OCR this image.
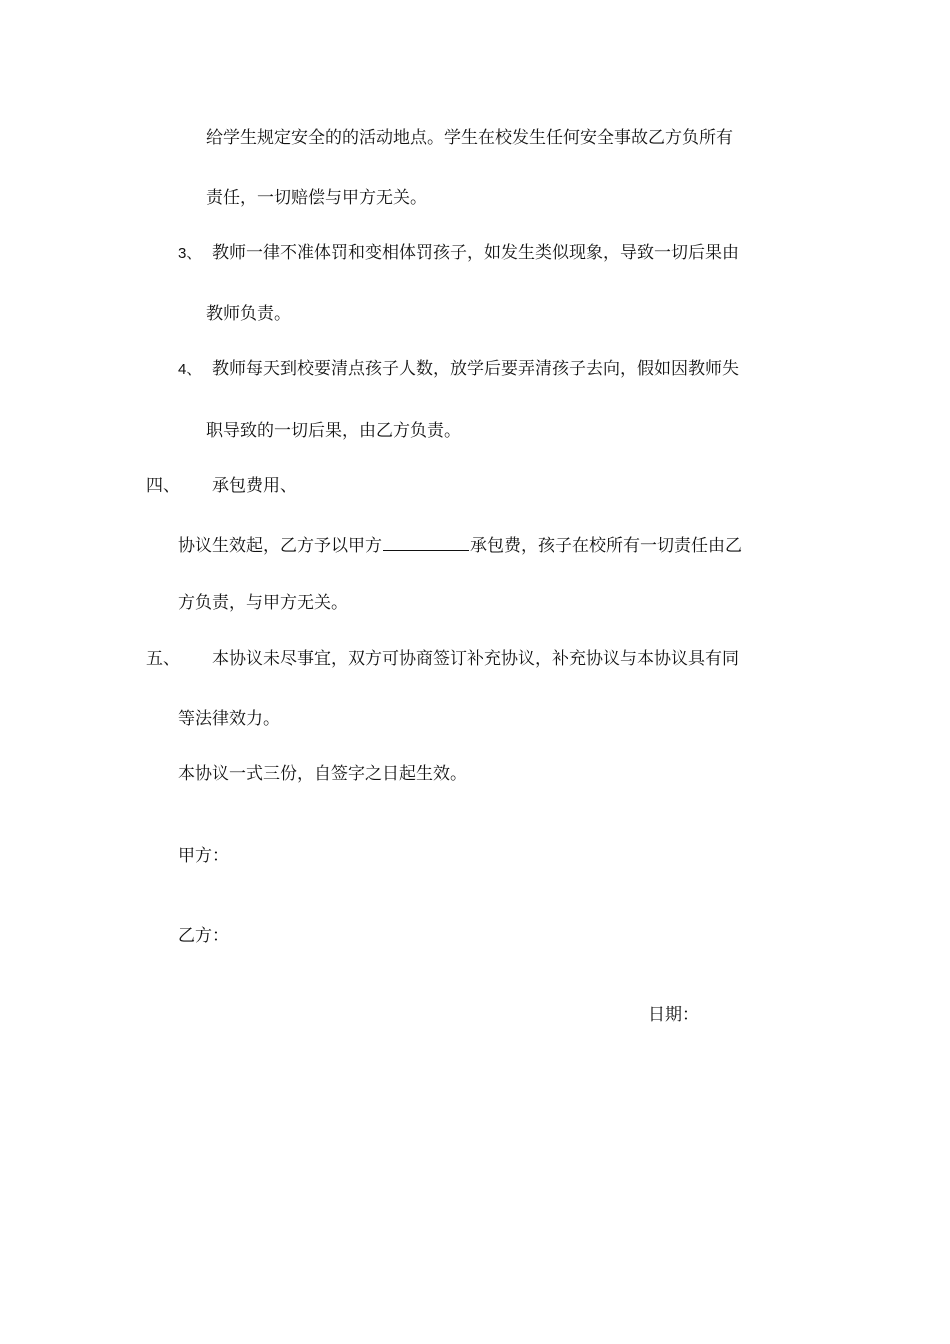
给学生规定安全的的活动地点。学生在校发生任何安全事故乙方负所有
责任，一切赔偿与甲方无关。
3、 教师一律不准体罚和变相体罚孩子，如发生类似现象，导致一切后果由
教师负责。
4、 教师每天到校要清点孩子人数，放学后要弄清孩子去向，假如因教师失
职导致的一切后果，由乙方负责。
四、 承包费用、
协议生效起，乙方予以甲方	承包费，孩子在校所有一切责任由乙
方负责，与甲方无关。
五、 本协议未尽事宜，双方可协商签订补充协议，补充协议与本协议具有同
等法律效力。
本协议一式三份，自签字之日起生效。
甲方：
乙方：
日期：
